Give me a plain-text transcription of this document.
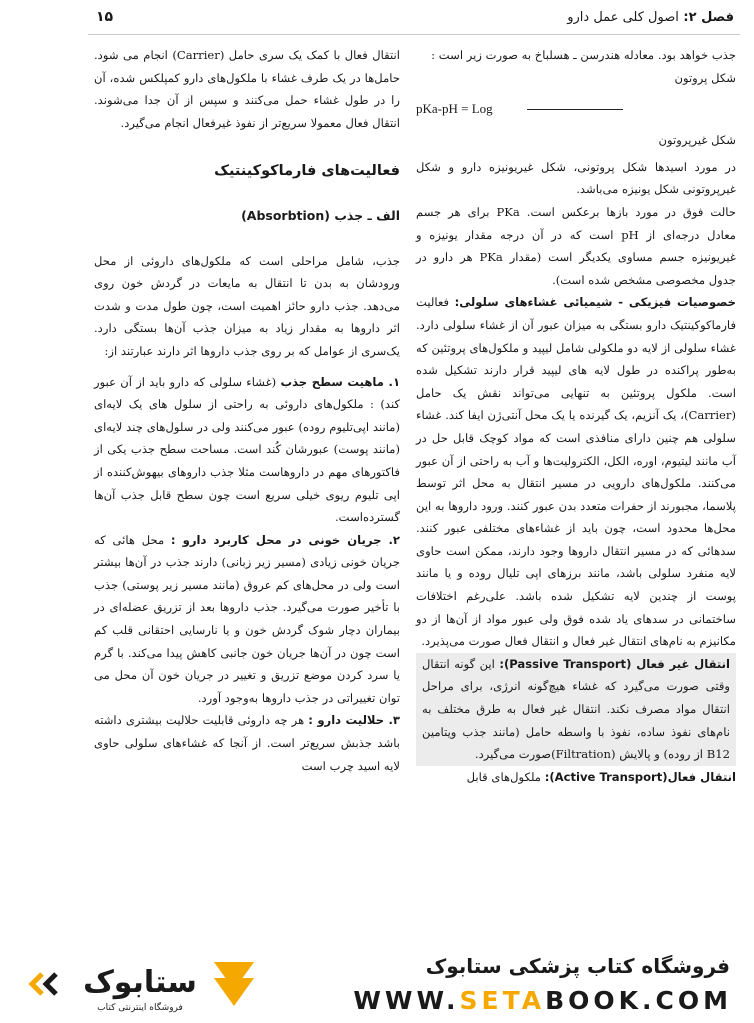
فصل ۲: اصول کلی عمل دارو
۱۵

جذب خواهد بود. معادله هندرسن ـ هسلباخ به صورت زیر است :

شکل پروتون

pKa-pH = Log

شکل غیرپروتون

در مورد اسیدها شکل پروتونی، شکل غیریونیزه دارو و شکل غیرپروتونی شکل یونیزه می‌باشد.

حالت فوق در مورد بازها برعکس است. PKa برای هر جسم معادل درجه‌ای از pH است که در آن درجه مقدار یونیزه و غیریونیزه جسم مساوی یکدیگر است (مقدار PKa هر دارو در جدول مخصوصی مشخص شده است).

خصوصیات فیزیکی - شیمیائی غشاءهای سلولی: فعالیت فارماکوکینتیک دارو بستگی به میزان عبور آن از غشاء سلولی دارد. غشاء سلولی از لایه دو ملکولی شامل لیپید و ملکول‌های پروتئین که به‌طور پراکنده در طول لایه های لیپید قرار دارند تشکیل شده است. ملکول پروتئین به تنهایی می‌تواند نقش یک حامل (Carrier)، یک آنزیم، یک گیرنده یا یک محل آنتی‌ژن ایفا کند. غشاء سلولی هم چنین دارای منافذی است که مواد کوچک قابل حل در آب مانند لیتیوم، اوره، الکل، الکترولیت‌ها و آب به راحتی از آن عبور می‌کنند. ملکول‌های دارویی در مسیر انتقال به محل اثر توسط پلاسما، مجبورند از حفرات متعدد بدن عبور کنند. ورود داروها به این محل‌ها محدود است، چون باید از غشاءهای مختلفی عبور کنند. سدهائی که در مسیر انتقال داروها وجود دارند، ممکن است حاوی لایه منفرد سلولی باشد، مانند برزهای اپی تلیال روده و یا مانند پوست از چندین لایه تشکیل شده باشد. علی‌رغم اختلافات ساختمانی در سدهای یاد شده فوق ولی عبور مواد از آن‌ها از دو مکانیزم به نام‌های انتقال غیر فعال و انتقال فعال صورت می‌پذیرد.

انتقال غیر فعال (Passive Transport): این گونه انتقال وقتی صورت می‌گیرد که غشاء هیچ‌گونه انرژی، برای مراحل انتقال مواد مصرف نکند. انتقال غیر فعال به طرق مختلف به نام‌های نفوذ ساده، نفوذ با واسطه حامل (مانند جذب ویتامین B12 از روده) و پالایش (Filtration)صورت می‌گیرد.

انتقال فعال(Active Transport): ملکول‌های قابل

انتقال فعال با کمک یک سری حامل (Carrier) انجام می شود. حامل‌ها در یک طرف غشاء با ملکول‌های دارو کمپلکس شده، آن را در طول غشاء حمل می‌کنند و سپس از آن جدا می‌شوند. انتقال فعال معمولا سریع‌تر از نفوذ غیرفعال انجام می‌گیرد.

فعالیت‌های فارماکوکینتیک

الف ـ جذب (Absorbtion)

جذب، شامل مراحلی است که ملکول‌های داروئی از محل ورودشان به بدن تا انتقال به مایعات در گردش خون روی می‌دهد. جذب دارو حائز اهمیت است، چون طول مدت و شدت اثر داروها به مقدار زیاد به میزان جذب آن‌ها بستگی دارد. یک‌سری از عوامل که بر روی جذب داروها اثر دارند عبارتند از:

۱. ماهیت سطح جذب (غشاء سلولی که دارو باید از آن عبور کند) : ملکول‌های داروئی به راحتی از سلول های یک لایه‌ای (مانند اپی‌تلیوم روده) عبور می‌کنند ولی در سلول‌های چند لایه‌ای (مانند پوست) عبورشان کُند است. مساحت سطح جذب یکی از فاکتورهای مهم در داروهاست مثلا جذب داروهای بیهوش‌کننده از اپی تلیوم ریوی خیلی سریع است چون سطح قابل جذب آن‌ها گسترده‌است.

۲. جریان خونی در محل کاربرد دارو : محل هائی که جریان خونی زیادی (مسیر زیر زبانی) دارند جذب در آن‌ها بیشتر است ولی در محل‌های کم عروق (مانند مسیر زیر پوستی) جذب با تأخیر صورت می‌گیرد. جذب داروها بعد از تزریق عضله‌ای در بیماران دچار شوک گردش خون و یا نارسایی احتقانی قلب کم است چون در آن‌ها جریان خون جانبی کاهش پیدا می‌کند. با گرم یا سرد کردن موضع تزریق و تغییر در جریان خون آن محل می توان تغییراتی در جذب داروها به‌وجود آورد.

۳. حلالیت دارو : هر چه داروئی قابلیت حلالیت بیشتری داشته باشد جذبش سریع‌تر است. از آنجا که غشاءهای سلولی حاوی لایه اسید چرب است

ستابوک
فروشگاه اینترنتی کتاب
فروشگاه کتاب پزشکی ستابوک
WWW.SETABOOK.COM
